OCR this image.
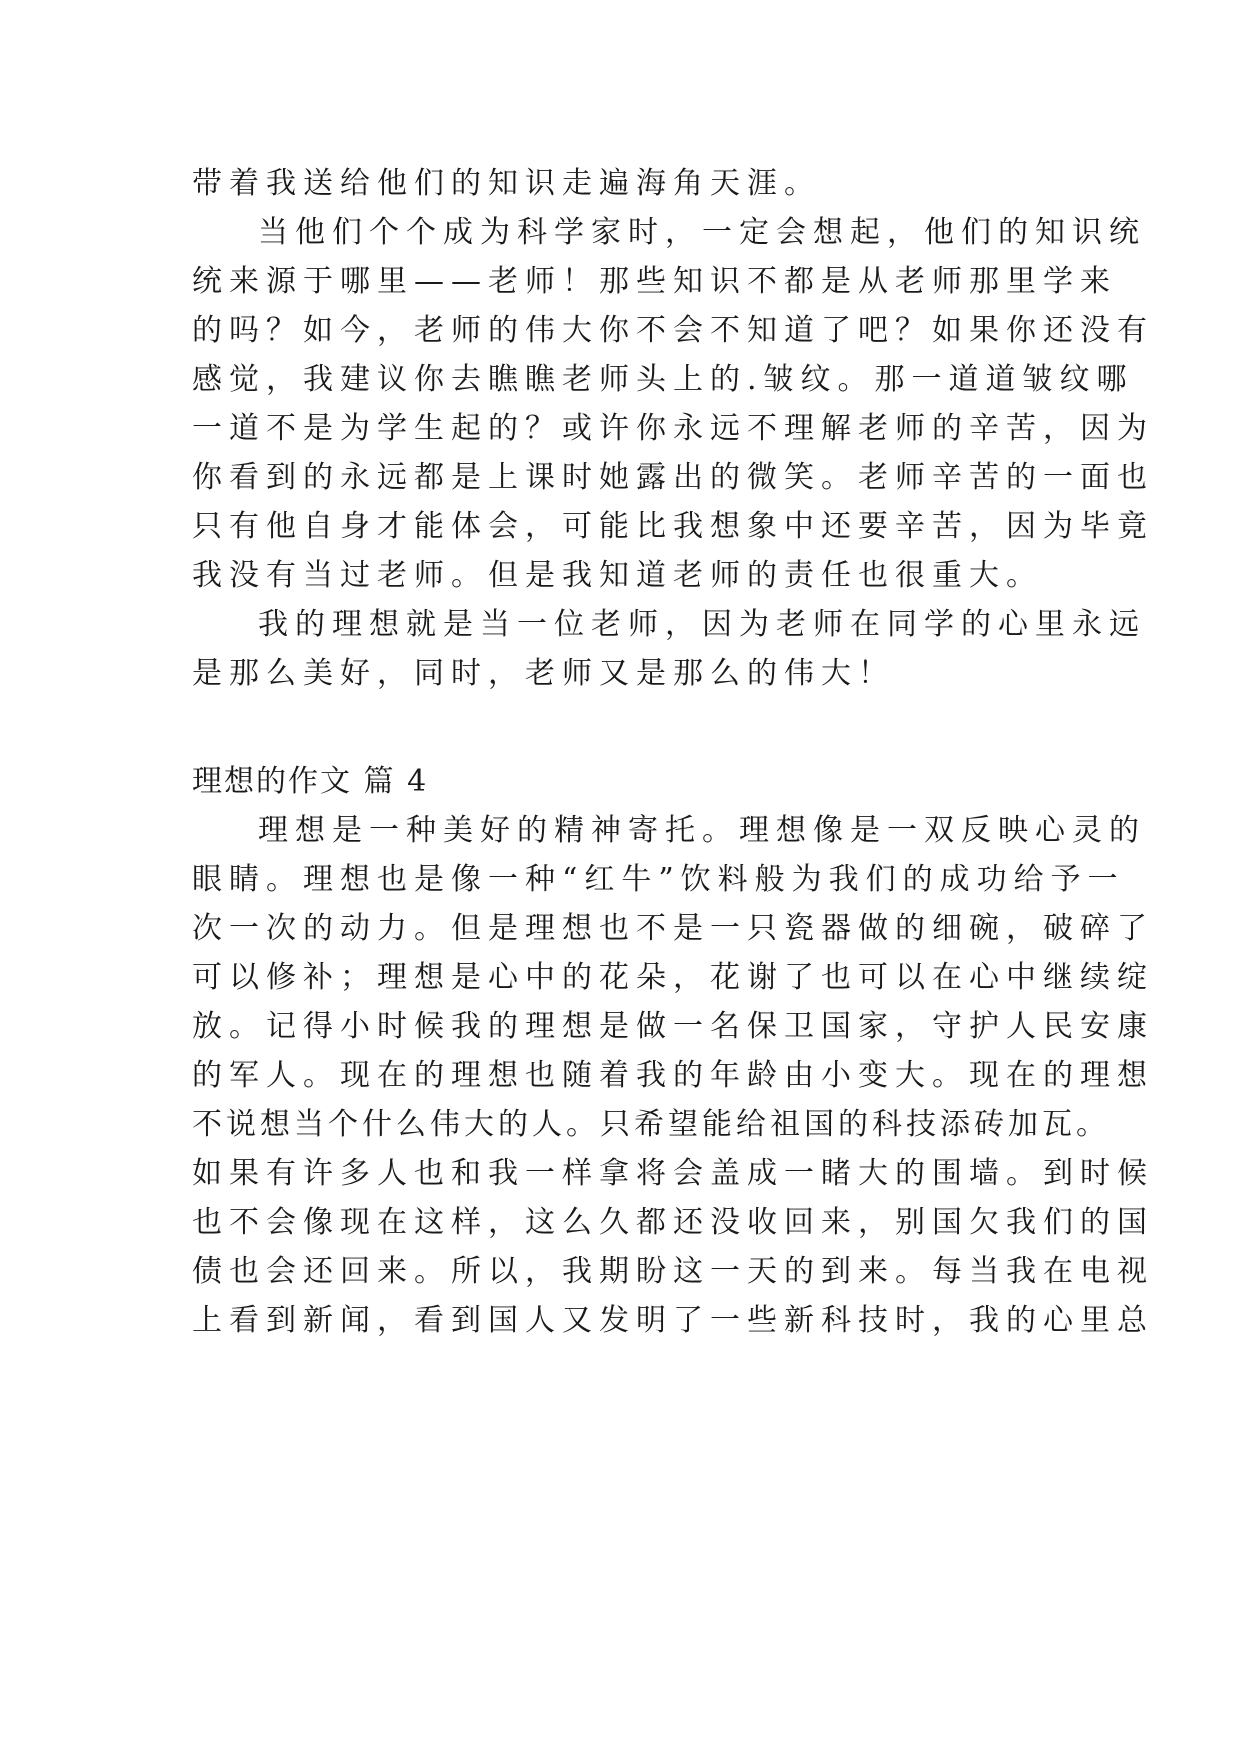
带着我送给他们的知识走遍海角天涯。
当他们个个成为科学家时，一定会想起，他们的知识统
统来源于哪里——老师！那些知识不都是从老师那里学来
的吗？如今，老师的伟大你不会不知道了吧？如果你还没有
感觉，我建议你去瞧瞧老师头上的.皱纹。那一道道皱纹哪
一道不是为学生起的？或许你永远不理解老师的辛苦，因为
你看到的永远都是上课时她露出的微笑。老师辛苦的一面也
只有他自身才能体会，可能比我想象中还要辛苦，因为毕竟
我没有当过老师。但是我知道老师的责任也很重大。
我的理想就是当一位老师，因为老师在同学的心里永远
是那么美好，同时，老师又是那么的伟大！
理想的作文 篇 4
理想是一种美好的精神寄托。理想像是一双反映心灵的
眼睛。理想也是像一种“红牛”饮料般为我们的成功给予一
次一次的动力。但是理想也不是一只瓷器做的细碗，破碎了
可以修补；理想是心中的花朵，花谢了也可以在心中继续绽
放。记得小时候我的理想是做一名保卫国家，守护人民安康
的军人。现在的理想也随着我的年龄由小变大。现在的理想
不说想当个什么伟大的人。只希望能给祖国的科技添砖加瓦。
如果有许多人也和我一样拿将会盖成一睹大的围墙。到时候
也不会像现在这样，这么久都还没收回来，别国欠我们的国
债也会还回来。所以，我期盼这一天的到来。每当我在电视
上看到新闻，看到国人又发明了一些新科技时，我的心里总
